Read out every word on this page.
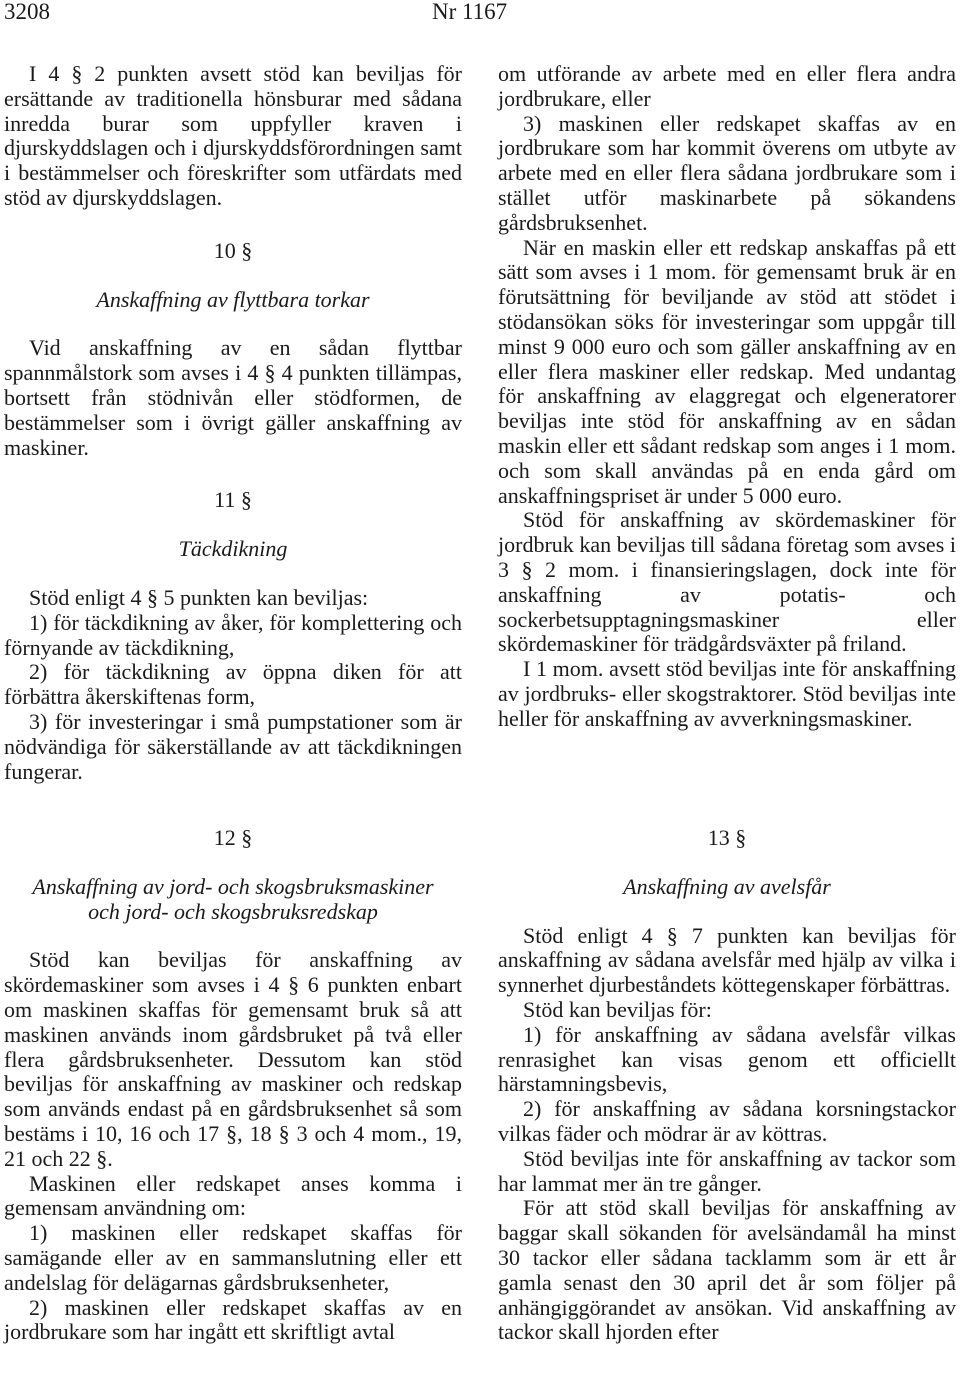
3208	Nr 1167

I 4 § 2 punkten avsett stöd kan beviljas för ersättande av traditionella hönsburar med sådana inredda burar som uppfyller kraven i djurskyddslagen och i djurskyddsförordningen samt i bestämmelser och föreskrifter som utfärdats med stöd av djurskyddslagen.

10 §

Anskaffning av flyttbara torkar

Vid anskaffning av en sådan flyttbar spannmålstork som avses i 4 § 4 punkten tillämpas, bortsett från stödnivån eller stödformen, de bestämmelser som i övrigt gäller anskaffning av maskiner.

11 §

Täckdikning

Stöd enligt 4 § 5 punkten kan beviljas:

1) för täckdikning av åker, för komplettering och förnyande av täckdikning,

2) för täckdikning av öppna diken för att förbättra åkerskiftenas form,

3) för investeringar i små pumpstationer som är nödvändiga för säkerställande av att täckdikningen fungerar.

om utförande av arbete med en eller flera andra jordbrukare, eller

3) maskinen eller redskapet skaffas av en jordbrukare som har kommit överens om utbyte av arbete med en eller flera sådana jordbrukare som i stället utför maskinarbete på sökandens gårdsbruksenhet.

När en maskin eller ett redskap anskaffas på ett sätt som avses i 1 mom. för gemensamt bruk är en förutsättning för beviljande av stöd att stödet i stödansökan söks för investeringar som uppgår till minst 9 000 euro och som gäller anskaffning av en eller flera maskiner eller redskap. Med undantag för anskaffning av elaggregat och elgeneratorer beviljas inte stöd för anskaffning av en sådan maskin eller ett sådant redskap som anges i 1 mom. och som skall användas på en enda gård om anskaffningspriset är under 5 000 euro.

Stöd för anskaffning av skördemaskiner för jordbruk kan beviljas till sådana företag som avses i 3 § 2 mom. i finansieringslagen, dock inte för anskaffning av potatis- och sockerbetsupptagningsmaskiner eller skördemaskiner för trädgårdsväxter på friland.

I 1 mom. avsett stöd beviljas inte för anskaffning av jordbruks- eller skogstraktorer. Stöd beviljas inte heller för anskaffning av avverkningsmaskiner.

12 §

Anskaffning av jord- och skogsbruksmaskiner

och jord- och skogsbruksredskap

Stöd kan beviljas för anskaffning av skördemaskiner som avses i 4 § 6 punkten enbart om maskinen skaffas för gemensamt bruk så att maskinen används inom gårdsbruket på två eller flera gårdsbruksenheter. Dessutom kan stöd beviljas för anskaffning av maskiner och redskap som används endast på en gårdsbruksenhet så som bestäms i 10, 16 och 17 §, 18 § 3 och 4 mom., 19, 21 och 22 §.

Maskinen eller redskapet anses komma i gemensam användning om:

1) maskinen eller redskapet skaffas för samägande eller av en sammanslutning eller ett andelslag för delägarnas gårdsbruksenheter,

2) maskinen eller redskapet skaffas av en jordbrukare som har ingått ett skriftligt avtal

13 §

Anskaffning av avelsfår

Stöd enligt 4 § 7 punkten kan beviljas för anskaffning av sådana avelsfår med hjälp av vilka i synnerhet djurbeståndets köttegenskaper förbättras.

Stöd kan beviljas för:

1) för anskaffning av sådana avelsfår vilkas renrasighet kan visas genom ett officiellt härstamningsbevis,

2) för anskaffning av sådana korsningstackor vilkas fäder och mödrar är av köttras.

Stöd beviljas inte för anskaffning av tackor som har lammat mer än tre gånger.

För att stöd skall beviljas för anskaffning av baggar skall sökanden för avelsändamål ha minst 30 tackor eller sådana tacklamm som är ett år gamla senast den 30 april det år som följer på anhängiggörandet av ansökan. Vid anskaffning av tackor skall hjorden efter
